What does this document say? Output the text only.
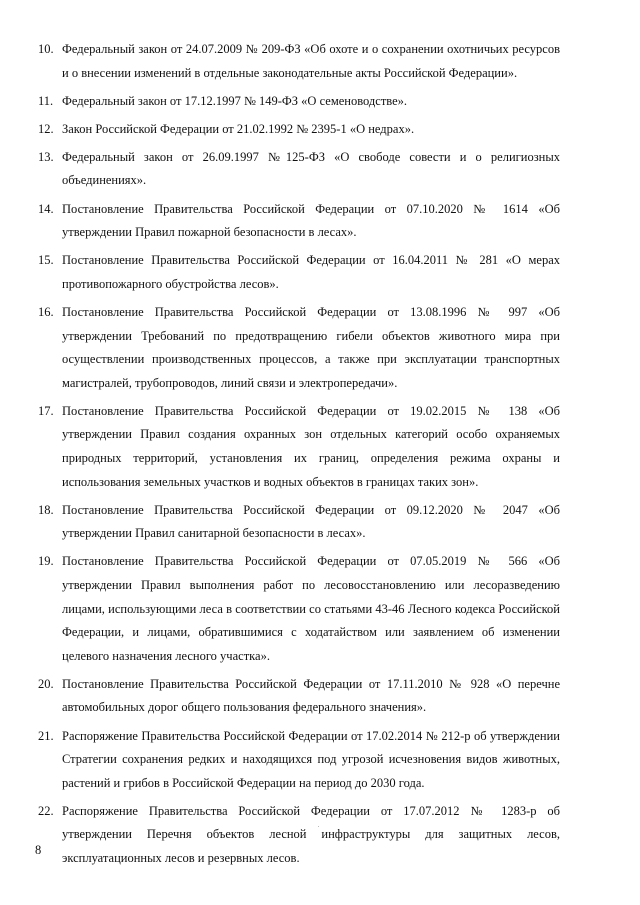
10. Федеральный закон от 24.07.2009 № 209-ФЗ «Об охоте и о сохранении охотничьих ресурсов и о внесении изменений в отдельные законодательные акты Российской Федерации».
11. Федеральный закон от 17.12.1997 № 149-ФЗ «О семеноводстве».
12. Закон Российской Федерации от 21.02.1992 № 2395-1 «О недрах».
13. Федеральный закон от 26.09.1997 №125-ФЗ «О свободе совести и о религиозных объединениях».
14. Постановление Правительства Российской Федерации от 07.10.2020 № 1614 «Об утверждении Правил пожарной безопасности в лесах».
15. Постановление Правительства Российской Федерации от 16.04.2011 № 281 «О мерах противопожарного обустройства лесов».
16. Постановление Правительства Российской Федерации от 13.08.1996 № 997 «Об утверждении Требований по предотвращению гибели объектов животного мира при осуществлении производственных процессов, а также при эксплуатации транспортных магистралей, трубопроводов, линий связи и электропередачи».
17. Постановление Правительства Российской Федерации от 19.02.2015 № 138 «Об утверждении Правил создания охранных зон отдельных категорий особо охраняемых природных территорий, установления их границ, определения режима охраны и использования земельных участков и водных объектов в границах таких зон».
18. Постановление Правительства Российской Федерации от 09.12.2020 № 2047 «Об утверждении Правил санитарной безопасности в лесах».
19. Постановление Правительства Российской Федерации от 07.05.2019 № 566 «Об утверждении Правил выполнения работ по лесовосстановлению или лесоразведению лицами, использующими леса в соответствии со статьями 43-46 Лесного кодекса Российской Федерации, и лицами, обратившимися с ходатайством или заявлением об изменении целевого назначения лесного участка».
20. Постановление Правительства Российской Федерации от 17.11.2010 № 928 «О перечне автомобильных дорог общего пользования федерального значения».
21. Распоряжение Правительства Российской Федерации от 17.02.2014 № 212-р об утверждении Стратегии сохранения редких и находящихся под угрозой исчезновения видов животных, растений и грибов в Российской Федерации на период до 2030 года.
22. Распоряжение Правительства Российской Федерации от 17.07.2012 № 1283-р об утверждении Перечня объектов лесной инфраструктуры для защитных лесов, эксплуатационных лесов и резервных лесов.
8
